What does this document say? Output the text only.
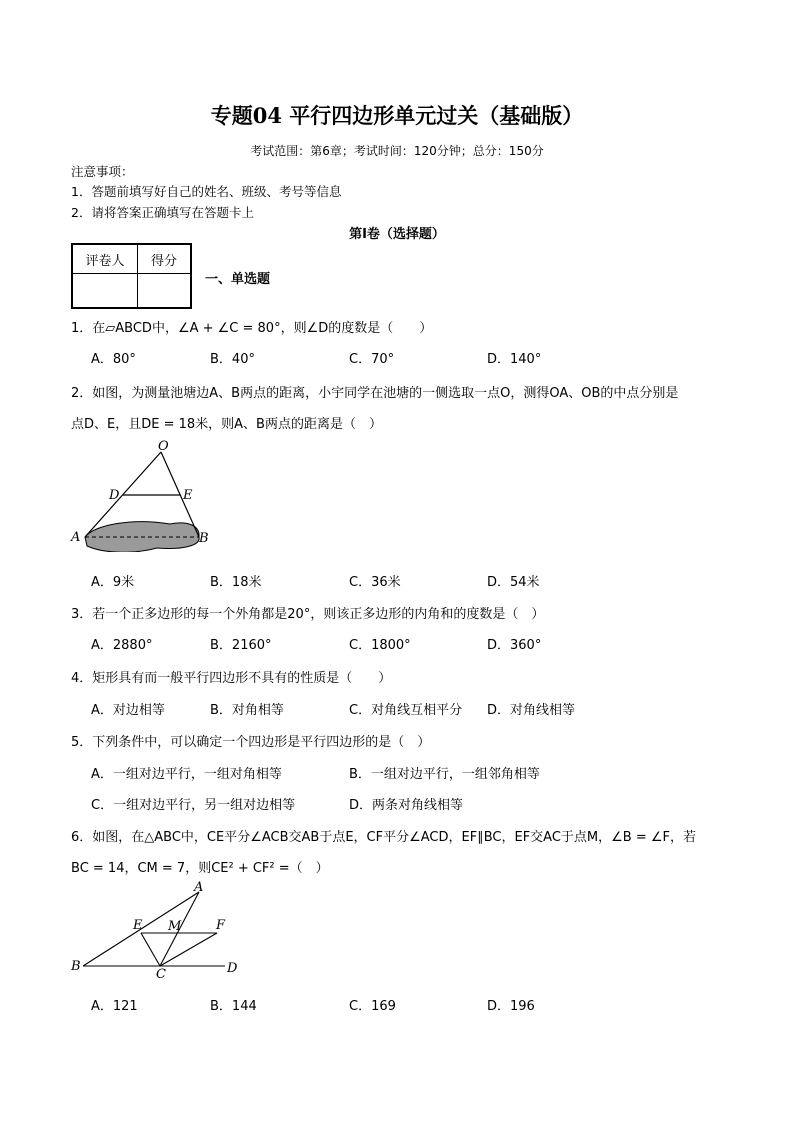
专题04 平行四边形单元过关（基础版）
考试范围：第6章；考试时间：120分钟；总分：150分
注意事项：
1．答题前填写好自己的姓名、班级、考号等信息
2．请将答案正确填写在答题卡上
第I卷（选择题）
评卷人	得分

一、单选题
1．在▱ABCD中，∠A + ∠C = 80°，则∠D的度数是（　　）
A．80°	B．40°	C．70°	D．140°
2．如图，为测量池塘边A、B两点的距离，小宇同学在池塘的一侧选取一点O，测得OA、OB的中点分别是
点D、E，且DE = 18米，则A、B两点的距离是（　）
O
D	E
A	B
A．9米	B．18米	C．36米	D．54米
3．若一个正多边形的每一个外角都是20°，则该正多边形的内角和的度数是（　）
A．2880°	B．2160°	C．1800°	D．360°
4．矩形具有而一般平行四边形不具有的性质是（　　）
A．对边相等	B．对角相等	C．对角线互相平分 D．对角线相等
5．下列条件中，可以确定一个四边形是平行四边形的是（　）
A．一组对边平行，一组对角相等	B．一组对边平行，一组邻角相等
C．一组对边平行，另一组对边相等	D．两条对角线相等
6．如图，在△ABC中，CE平分∠ACB交AB于点E，CF平分∠ACD，EF∥BC，EF交AC于点M，∠B = ∠F，若
BC = 14，CM = 7，则CE² + CF² =（　）
A
E M	F
B
C	D
A．121	B．144	C．169	D．196
